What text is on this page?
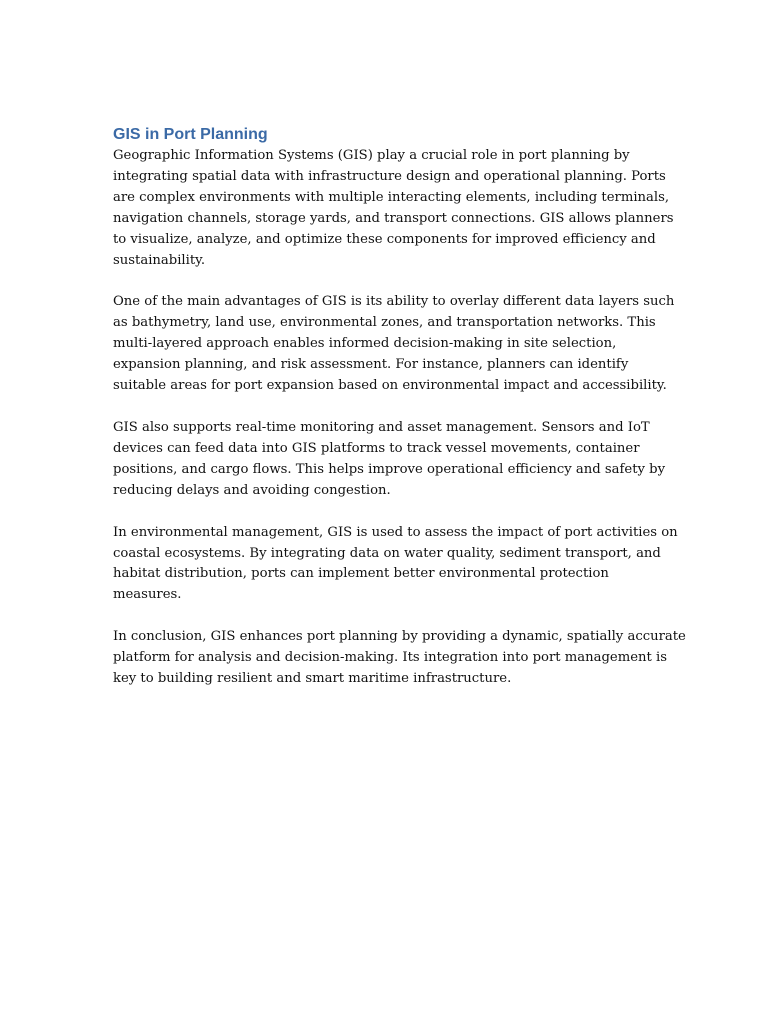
GIS in Port Planning

Geographic Information Systems (GIS) play a crucial role in port planning by
integrating spatial data with infrastructure design and operational planning. Ports
are complex environments with multiple interacting elements, including terminals,
navigation channels, storage yards, and transport connections. GIS allows planners
to visualize, analyze, and optimize these components for improved efficiency and
sustainability.

One of the main advantages of GIS is its ability to overlay different data layers such
as bathymetry, land use, environmental zones, and transportation networks. This
multi-layered approach enables informed decision-making in site selection,
expansion planning, and risk assessment. For instance, planners can identify
suitable areas for port expansion based on environmental impact and accessibility.

GIS also supports real-time monitoring and asset management. Sensors and IoT
devices can feed data into GIS platforms to track vessel movements, container
positions, and cargo flows. This helps improve operational efficiency and safety by
reducing delays and avoiding congestion.

In environmental management, GIS is used to assess the impact of port activities on
coastal ecosystems. By integrating data on water quality, sediment transport, and
habitat distribution, ports can implement better environmental protection
measures.

In conclusion, GIS enhances port planning by providing a dynamic, spatially accurate
platform for analysis and decision-making. Its integration into port management is
key to building resilient and smart maritime infrastructure.
